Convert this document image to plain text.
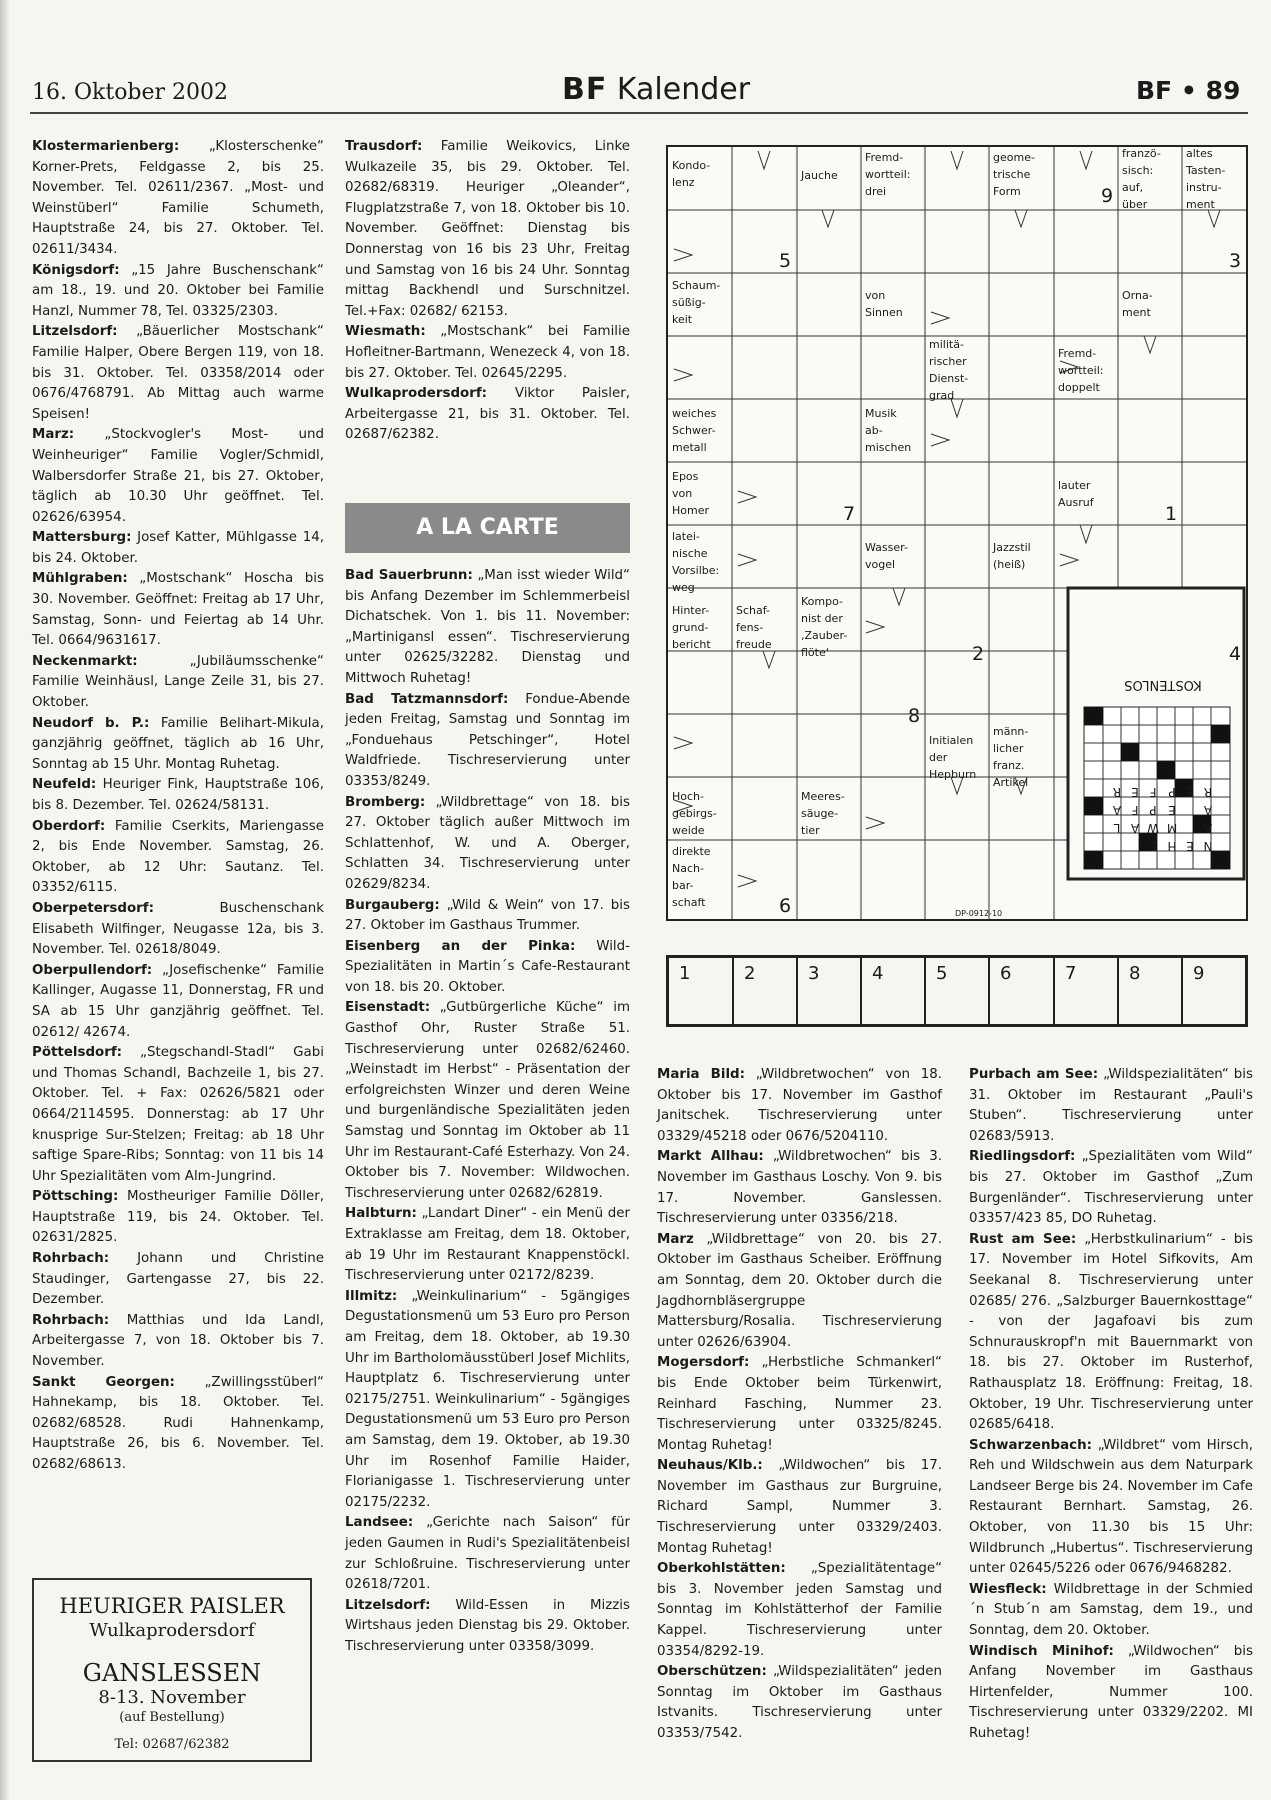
16. Oktober 2002	BF Kalender	BF • 89
Klostermarienberg: „Klosterschenke“ Korner-Prets, Feldgasse 2, bis 25. November. Tel. 02611/2367. „Most- und Weinstüberl“ Familie Schumeth, Hauptstraße 24, bis 27. Oktober. Tel. 02611/3434.
Königsdorf: „15 Jahre Buschenschank“ am 18., 19. und 20. Oktober bei Familie Hanzl, Nummer 78, Tel. 03325/2303.
Litzelsdorf: „Bäuerlicher Mostschank“ Familie Halper, Obere Bergen 119, von 18. bis 31. Oktober. Tel. 03358/2014 oder 0676/4768791. Ab Mittag auch warme Speisen!
Marz: „Stockvogler's Most- und Weinheuriger“ Familie Vogler/Schmidl, Walbersdorfer Straße 21, bis 27. Oktober, täglich ab 10.30 Uhr geöffnet. Tel. 02626/63954.
Mattersburg: Josef Katter, Mühlgasse 14, bis 24. Oktober.
Mühlgraben: „Mostschank“ Hoscha bis 30. November. Geöffnet: Freitag ab 17 Uhr, Samstag, Sonn- und Feiertag ab 14 Uhr. Tel. 0664/9631617.
Neckenmarkt: „Jubiläumsschenke“ Familie Weinhäusl, Lange Zeile 31, bis 27. Oktober.
Neudorf b. P.: Familie Belihart-Mikula, ganzjährig geöffnet, täglich ab 16 Uhr, Sonntag ab 15 Uhr. Montag Ruhetag.
Neufeld: Heuriger Fink, Hauptstraße 106, bis 8. Dezember. Tel. 02624/58131.
Oberdorf: Familie Cserkits, Mariengasse 2, bis Ende November. Samstag, 26. Oktober, ab 12 Uhr: Sautanz. Tel. 03352/6115.
Oberpetersdorf: Buschenschank Elisabeth Wilfinger, Neugasse 12a, bis 3. November. Tel. 02618/8049.
Oberpullendorf: „Josefischenke“ Familie Kallinger, Augasse 11, Donnerstag, FR und SA ab 15 Uhr ganzjährig geöffnet. Tel. 02612/ 42674.
Pöttelsdorf: „Stegschandl-Stadl“ Gabi und Thomas Schandl, Bachzeile 1, bis 27. Oktober. Tel. + Fax: 02626/5821 oder 0664/2114595. Donnerstag: ab 17 Uhr knusprige Sur-Stelzen; Freitag: ab 18 Uhr saftige Spare-Ribs; Sonntag: von 11 bis 14 Uhr Spezialitäten vom Alm-Jungrind.
Pöttsching: Mostheuriger Familie Döller, Hauptstraße 119, bis 24. Oktober. Tel. 02631/2825.
Rohrbach: Johann und Christine Staudinger, Gartengasse 27, bis 22. Dezember.
Rohrbach: Matthias und Ida Landl, Arbeitergasse 7, von 18. Oktober bis 7. November.
Sankt Georgen: „Zwillingsstüberl“ Hahnekamp, bis 18. Oktober. Tel. 02682/68528. Rudi Hahnenkamp, Hauptstraße 26, bis 6. November. Tel. 02682/68613.
Trausdorf: Familie Weikovics, Linke Wulkazeile 35, bis 29. Oktober. Tel. 02682/68319. Heuriger „Oleander“, Flugplatzstraße 7, von 18. Oktober bis 10. November. Geöffnet: Dienstag bis Donnerstag von 16 bis 23 Uhr, Freitag und Samstag von 16 bis 24 Uhr. Sonntag mittag Backhendl und Surschnitzel. Tel.+Fax: 02682/ 62153.
Wiesmath: „Mostschank“ bei Familie Hofleitner-Bartmann, Wenezeck 4, von 18. bis 27. Oktober. Tel. 02645/2295.
Wulkaprodersdorf: Viktor Paisler, Arbeitergasse 21, bis 31. Oktober. Tel. 02687/62382.
A LA CARTE
Bad Sauerbrunn: „Man isst wieder Wild“ bis Anfang Dezember im Schlemmerbeisl Dichatschek. Von 1. bis 11. November: „Martinigansl essen“. Tischreservierung unter 02625/32282. Dienstag und Mittwoch Ruhetag!
Bad Tatzmannsdorf: Fondue-Abende jeden Freitag, Samstag und Sonntag im „Fonduehaus Petschinger“, Hotel Waldfriede. Tischreservierung unter 03353/8249.
Bromberg: „Wildbrettage“ von 18. bis 27. Oktober täglich außer Mittwoch im Schlattenhof, W. und A. Oberger, Schlatten 34. Tischreservierung unter 02629/8234.
Burgauberg: „Wild & Wein“ von 17. bis 27. Oktober im Gasthaus Trummer.
Eisenberg an der Pinka: Wild-Spezialitäten in Martin´s Cafe-Restaurant von 18. bis 20. Oktober.
Eisenstadt: „Gutbürgerliche Küche“ im Gasthof Ohr, Ruster Straße 51. Tischreservierung unter 02682/62460. „Weinstadt im Herbst“ - Präsentation der erfolgreichsten Winzer und deren Weine und burgenländische Spezialitäten jeden Samstag und Sonntag im Oktober ab 11 Uhr im Restaurant-Café Esterhazy. Von 24. Oktober bis 7. November: Wildwochen. Tischreservierung unter 02682/62819.
Halbturn: „Landart Diner“ - ein Menü der Extraklasse am Freitag, dem 18. Oktober, ab 19 Uhr im Restaurant Knappenstöckl. Tischreservierung unter 02172/8239.
Illmitz: „Weinkulinarium“ - 5gängiges Degustationsmenü um 53 Euro pro Person am Freitag, dem 18. Oktober, ab 19.30 Uhr im Bartholomäusstüberl Josef Michlits, Hauptplatz 6. Tischreservierung unter 02175/2751. Weinkulinarium“ - 5gängiges Degustationsmenü um 53 Euro pro Person am Samstag, dem 19. Oktober, ab 19.30 Uhr im Rosenhof Familie Haider, Florianigasse 1. Tischreservierung unter 02175/2232.
Landsee: „Gerichte nach Saison“ für jeden Gaumen in Rudi's Spezialitätenbeisl zur Schloßruine. Tischreservierung unter 02618/7201.
Litzelsdorf: Wild-Essen in Mizzis Wirtshaus jeden Dienstag bis 29. Oktober. Tischreservierung unter 03358/3099.
Maria Bild: „Wildbretwochen“ von 18. Oktober bis 17. November im Gasthof Janitschek. Tischreservierung unter 03329/45218 oder 0676/5204110.
Markt Allhau: „Wildbretwochen“ bis 3. November im Gasthaus Loschy. Von 9. bis 17. November. Ganslessen. Tischreservierung unter 03356/218.
Marz „Wildbrettage“ von 20. bis 27. Oktober im Gasthaus Scheiber. Eröffnung am Sonntag, dem 20. Oktober durch die Jagdhornbläsergruppe Mattersburg/Rosalia. Tischreservierung unter 02626/63904.
Mogersdorf: „Herbstliche Schmankerl“ bis Ende Oktober beim Türkenwirt, Reinhard Fasching, Nummer 23. Tischreservierung unter 03325/8245. Montag Ruhetag!
Neuhaus/Klb.: „Wildwochen“ bis 17. November im Gasthaus zur Burgruine, Richard Sampl, Nummer 3. Tischreservierung unter 03329/2403. Montag Ruhetag!
Oberkohlstätten: „Spezialitätentage“ bis 3. November jeden Samstag und Sonntag im Kohlstätterhof der Familie Kappel. Tischreservierung unter 03354/8292-19.
Oberschützen: „Wildspezialitäten“ jeden Sonntag im Oktober im Gasthaus Istvanits. Tischreservierung unter 03353/7542.
Purbach am See: „Wildspezialitäten“ bis 31. Oktober im Restaurant „Pauli's Stuben“. Tischreservierung unter 02683/5913.
Riedlingsdorf: „Spezialitäten vom Wild“ bis 27. Oktober im Gasthof „Zum Burgenländer“. Tischreservierung unter 03357/423 85, DO Ruhetag.
Rust am See: „Herbstkulinarium“ - bis 17. November im Hotel Sifkovits, Am Seekanal 8. Tischreservierung unter 02685/ 276. „Salzburger Bauernkosttage“ - von der Jagafoavi bis zum Schnurauskropf'n mit Bauernmarkt von 18. bis 27. Oktober im Rusterhof, Rathausplatz 18. Eröffnung: Freitag, 18. Oktober, 19 Uhr. Tischreservierung unter 02685/6418.
Schwarzenbach: „Wildbret“ vom Hirsch, Reh und Wildschwein aus dem Naturpark Landseer Berge bis 24. November im Cafe Restaurant Bernhart. Samstag, 26. Oktober, von 11.30 bis 15 Uhr: Wildbrunch „Hubertus“. Tischreservierung unter 02645/5226 oder 0676/9468282.
Wiesfleck: Wildbrettage in der Schmied´n Stub´n am Samstag, dem 19., und Sonntag, dem 20. Oktober.
Windisch Minihof: „Wildwochen“ bis Anfang November im Gasthaus Hirtenfelder, Nummer 100. Tischreservierung unter 03329/2202. MI Ruhetag!
HEURIGER PAISLER
Wulkaprodersdorf
GANSLESSEN
8-13. November
(auf Bestellung)
Tel: 02687/62382
Kondo-
lenz
Jauche
Fremd-
wortteil:
drei
geome-
trische
Form
franzö-
sisch:
auf,
über
altes
Tasten-
instru-
ment
Schaum-
süßig-
keit
von
Sinnen
Orna-
ment
militä-
rischer
Dienst-
grad
Fremd-
wortteil:
doppelt
weiches
Schwer-
metall
Musik
ab-
mischen
Epos
von
Homer
lauter
Ausruf
latei-
nische
Vorsilbe:
weg
Wasser-
vogel
Jazzstil
(heiß)
Hinter-
grund-
bericht
Schaf-
fens-
freude
Kompo-
nist der
‚Zauber-
flöte‘
Initialen
der
Hepburn
männ-
licher
franz.
Artikel
Hoch-
gebirgs-
weide
Meeres-
säuge-
tier
direkte
Nach-
bar-
schaft
9
5	3
7	1
2	4
8
6
KOSTENLOS
DP-0912-10
N
E
H
E
A
M
W
A
L
A
E
P
F
A
R
E
P
F
E
R
1	2	3	4	5	6	7	8	9
